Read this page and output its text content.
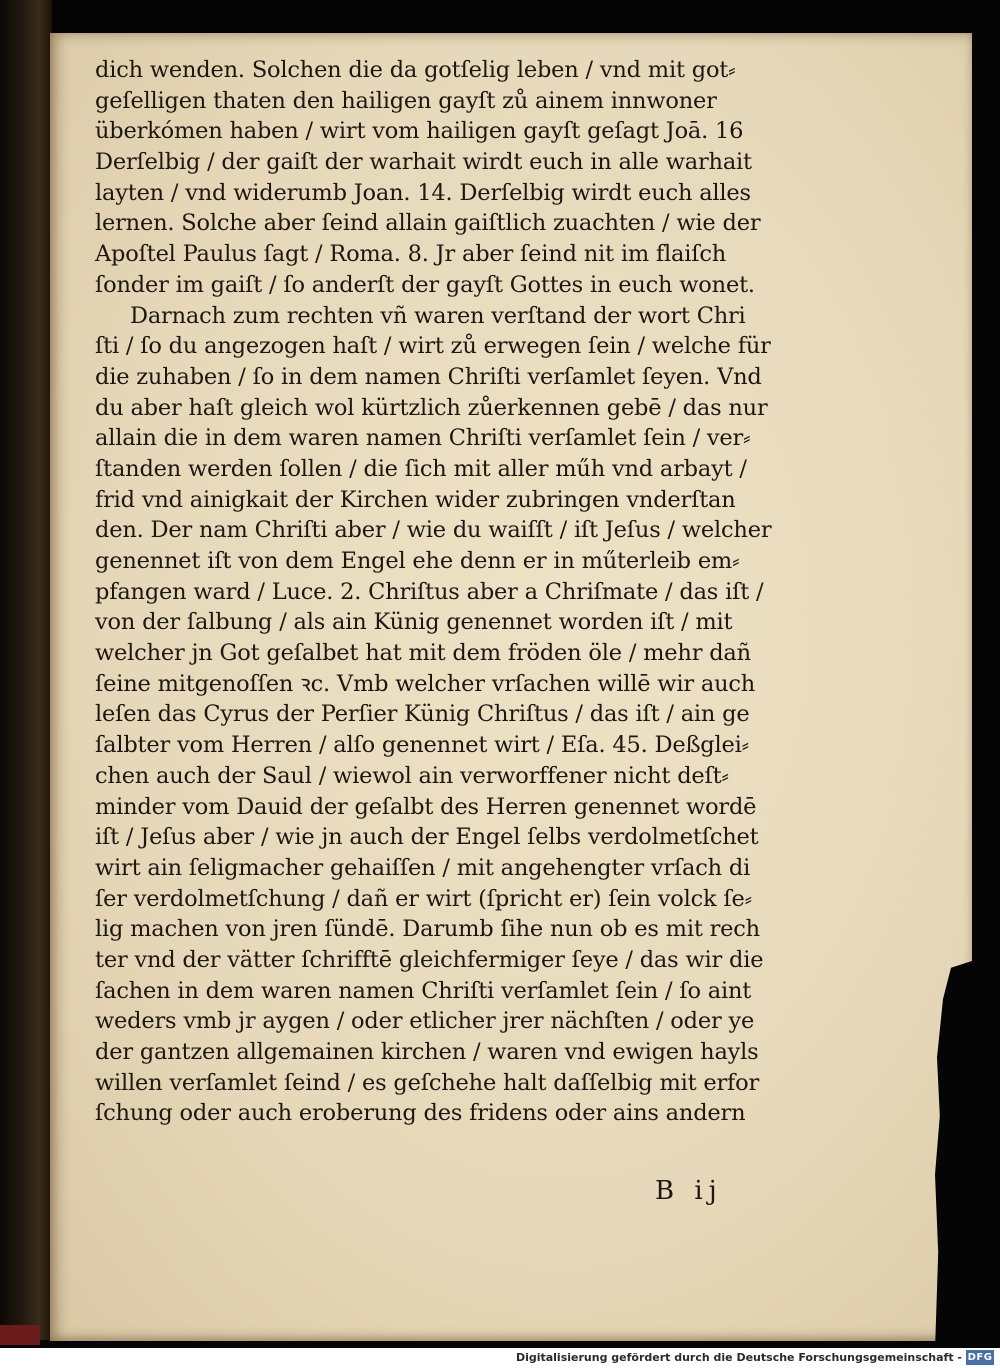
dich wenden. Solchen die da gotſelig leben / vnd mit got⸗
geſelligen thaten den hailigen gayſt zů ainem innwoner
überkómen haben / wirt vom hailigen gayſt geſagt Joā. 16
Derſelbig / der gaiſt der warhait wirdt euch in alle warhait
layten / vnd widerumb Joan. 14. Derſelbig wirdt euch alles
lernen. Solche aber ſeind allain gaiſtlich zuachten / wie der
Apoſtel Paulus ſagt / Roma. 8. Jr aber ſeind nit im flaiſch
ſonder im gaiſt / ſo anderſt der gayſt Gottes in euch wonet.
Darnach zum rechten vñ waren verſtand der wort Chri
ſti / ſo du angezogen haſt / wirt zů erwegen ſein / welche für
die zuhaben / ſo in dem namen Chriſti verſamlet ſeyen. Vnd
du aber haſt gleich wol kürtzlich zůerkennen gebē / das nur
allain die in dem waren namen Chriſti verſamlet ſein / ver⸗
ſtanden werden ſollen / die ſich mit aller műh vnd arbayt /
frid vnd ainigkait der Kirchen wider zubringen vnderſtan
den. Der nam Chriſti aber / wie du waiſſt / iſt Jeſus / welcher
genennet iſt von dem Engel ehe denn er in műterleib em⸗
pfangen ward / Luce. 2. Chriſtus aber a Chriſmate / das iſt /
von der ſalbung / als ain Künig genennet worden iſt / mit
welcher jn Got geſalbet hat mit dem fröden öle / mehr dañ
ſeine mitgenoſſen ꝛc. Vmb welcher vrſachen willē wir auch
leſen das Cyrus der Perſier Künig Chriſtus / das iſt / ain ge
ſalbter vom Herren / alſo genennet wirt / Eſa. 45. Deßglei⸗
chen auch der Saul / wiewol ain verworffener nicht deſt⸗
minder vom Dauid der geſalbt des Herren genennet wordē
iſt / Jeſus aber / wie jn auch der Engel ſelbs verdolmetſchet
wirt ain ſeligmacher gehaiſſen / mit angehengter vrſach di
ſer verdolmetſchung / dañ er wirt (ſpricht er) ſein volck ſe⸗
lig machen von jren ſündē. Darumb ſihe nun ob es mit rech
ter vnd der vätter ſchrifftē gleichfermiger ſeye / das wir die
ſachen in dem waren namen Chriſti verſamlet ſein / ſo aint
weders vmb jr aygen / oder etlicher jrer nächſten / oder ye
der gantzen allgemainen kirchen / waren vnd ewigen hayls
willen verſamlet ſeind / es geſchehe halt daſſelbig mit erfor
ſchung oder auch eroberung des fridens oder ains andern
B ij
Digitalisierung gefördert durch die Deutsche Forschungsgemeinschaft - DFG
